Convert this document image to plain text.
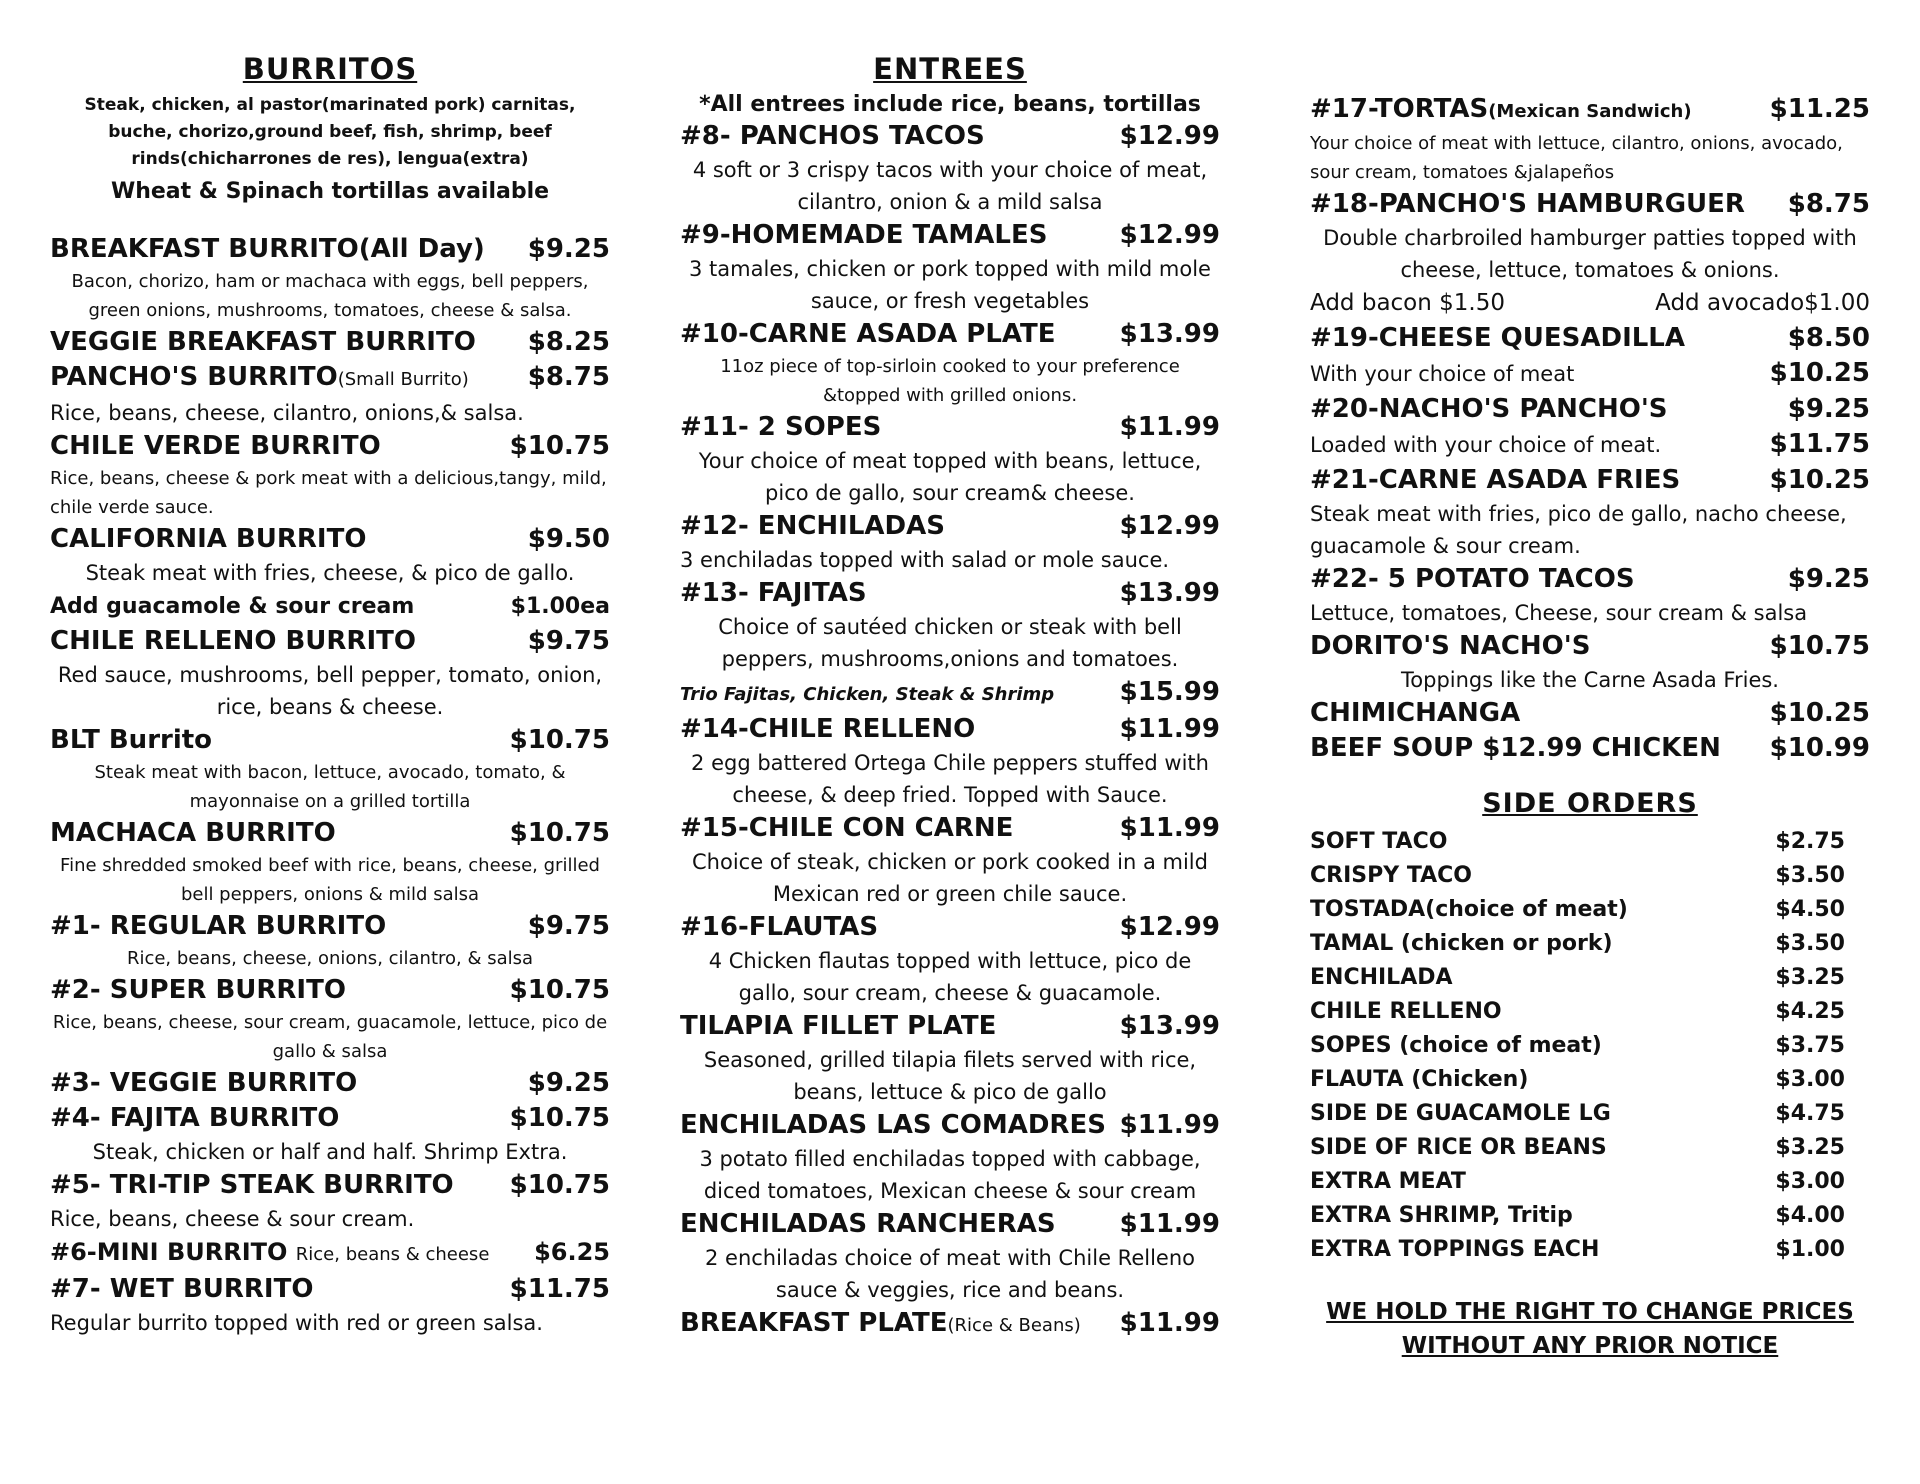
BURRITOS
Steak, chicken, al pastor(marinated pork) carnitas, buche, chorizo,ground beef, fish, shrimp, beef rinds(chicharrones de res), lengua(extra)
Wheat & Spinach tortillas available
BREAKFAST BURRITO(All Day) $9.25
Bacon, chorizo, ham or machaca with eggs, bell peppers, green onions, mushrooms, tomatoes, cheese & salsa.
VEGGIE BREAKFAST BURRITO $8.25
PANCHO'S BURRITO(Small Burrito) $8.75
Rice, beans, cheese, cilantro, onions,& salsa.
CHILE VERDE BURRITO	$10.75
Rice, beans, cheese & pork meat with a delicious,tangy, mild, chile verde sauce.
CALIFORNIA BURRITO	$9.50
Steak meat with fries, cheese, & pico de gallo.
Add guacamole & sour cream	$1.00ea
CHILE RELLENO BURRITO	$9.75
Red sauce, mushrooms, bell pepper, tomato, onion, rice, beans & cheese.
BLT Burrito	$10.75
Steak meat with bacon, lettuce, avocado, tomato, & mayonnaise on a grilled tortilla
MACHACA BURRITO	$10.75
Fine shredded smoked beef with rice, beans, cheese, grilled bell peppers, onions & mild salsa
#1- REGULAR BURRITO	$9.75
Rice, beans, cheese, onions, cilantro, & salsa
#2- SUPER BURRITO	$10.75
Rice, beans, cheese, sour cream, guacamole, lettuce, pico de gallo & salsa
#3- VEGGIE BURRITO	$9.25
#4- FAJITA BURRITO	$10.75
Steak, chicken or half and half. Shrimp Extra.
#5- TRI-TIP STEAK BURRITO $10.75
Rice, beans, cheese & sour cream.
#6-MINI BURRITO Rice, beans & cheese $6.25
#7- WET BURRITO	$11.75
Regular burrito topped with red or green salsa.
ENTREES
*All entrees include rice, beans, tortillas
#8- PANCHOS TACOS	$12.99
4 soft or 3 crispy tacos with your choice of meat, cilantro, onion & a mild salsa
#9-HOMEMADE TAMALES	$12.99
3 tamales, chicken or pork topped with mild mole sauce, or fresh vegetables
#10-CARNE ASADA PLATE $13.99
11oz piece of top-sirloin cooked to your preference &topped with grilled onions.
#11- 2 SOPES	$11.99
Your choice of meat topped with beans, lettuce, pico de gallo, sour cream& cheese.
#12- ENCHILADAS	$12.99
3 enchiladas topped with salad or mole sauce.
#13- FAJITAS	$13.99
Choice of sautéed chicken or steak with bell peppers, mushrooms,onions and tomatoes.
Trio Fajitas, Chicken, Steak & Shrimp	$15.99
#14-CHILE RELLENO	$11.99
2 egg battered Ortega Chile peppers stuffed with cheese, & deep fried. Topped with Sauce.
#15-CHILE CON CARNE	$11.99
Choice of steak, chicken or pork cooked in a mild Mexican red or green chile sauce.
#16-FLAUTAS	$12.99
4 Chicken flautas topped with lettuce, pico de gallo, sour cream, cheese & guacamole.
TILAPIA FILLET PLATE	$13.99
Seasoned, grilled tilapia filets served with rice, beans, lettuce & pico de gallo
ENCHILADAS LAS COMADRES $11.99
3 potato filled enchiladas topped with cabbage, diced tomatoes, Mexican cheese & sour cream
ENCHILADAS RANCHERAS $11.99
2 enchiladas choice of meat with Chile Relleno sauce & veggies, rice and beans.
BREAKFAST PLATE(Rice & Beans) $11.99
#17-TORTAS(Mexican Sandwich)	$11.25
Your choice of meat with lettuce, cilantro, onions, avocado, sour cream, tomatoes &jalapeños
#18-PANCHO'S HAMBURGUER $8.75
Double charbroiled hamburger patties topped with cheese, lettuce, tomatoes & onions.
Add bacon $1.50	Add avocado$1.00
#19-CHEESE QUESADILLA	$8.50
With your choice of meat	$10.25
#20-NACHO'S PANCHO'S	$9.25
Loaded with your choice of meat.	$11.75
#21-CARNE ASADA FRIES	$10.25
Steak meat with fries, pico de gallo, nacho cheese, guacamole & sour cream.
#22- 5 POTATO TACOS	$9.25
Lettuce, tomatoes, Cheese, sour cream & salsa
DORITO'S NACHO'S	$10.75
Toppings like the Carne Asada Fries.
CHIMICHANGA	$10.25
BEEF SOUP $12.99 CHICKEN $10.99
SIDE ORDERS
SOFT TACO	$2.75
CRISPY TACO	$3.50
TOSTADA(choice of meat)	$4.50
TAMAL (chicken or pork)	$3.50
ENCHILADA	$3.25
CHILE RELLENO	$4.25
SOPES (choice of meat)	$3.75
FLAUTA (Chicken)	$3.00
SIDE DE GUACAMOLE LG	$4.75
SIDE OF RICE OR BEANS	$3.25
EXTRA MEAT	$3.00
EXTRA SHRIMP, Tritip	$4.00
EXTRA TOPPINGS EACH	$1.00
WE HOLD THE RIGHT TO CHANGE PRICES
WITHOUT ANY PRIOR NOTICE
